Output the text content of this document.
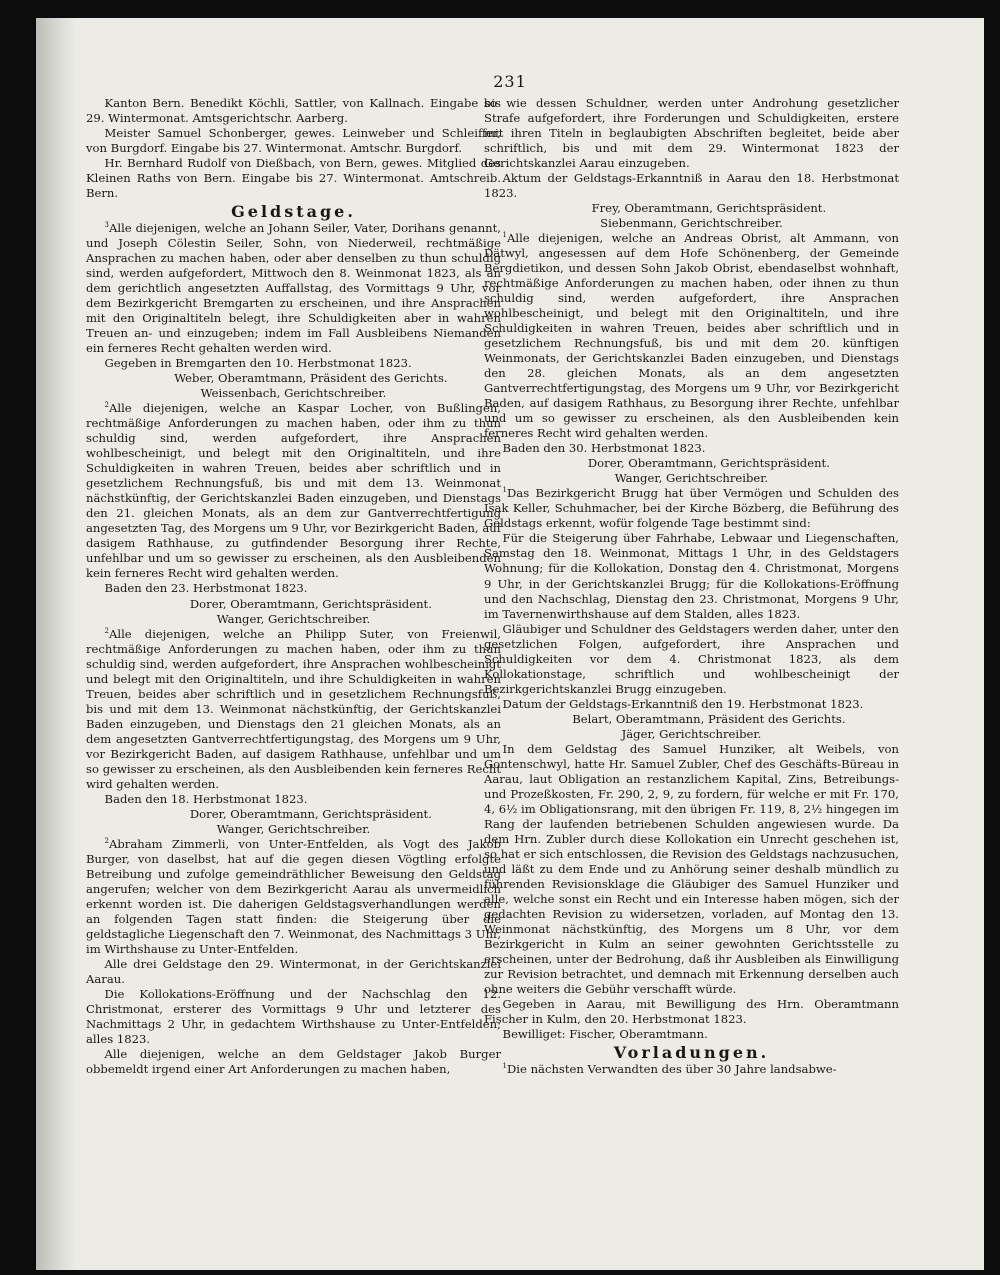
231

Kanton Bern. Benedikt Köchli, Sattler, von Kallnach. Eingabe bis 29. Wintermonat. Amtsgerichtschr. Aarberg.

Meister Samuel Schonberger, gewes. Leinweber und Schleiffer, von Burgdorf. Eingabe bis 27. Wintermonat. Amtschr. Burgdorf.

Hr. Bernhard Rudolf von Dießbach, von Bern, gewes. Mitglied des Kleinen Raths von Bern. Eingabe bis 27. Wintermonat. Amtschreib. Bern.

Geldstage.

$^3$Alle diejenigen, welche an Johann Seiler, Vater, Dorihans genannt, und Joseph Cölestin Seiler, Sohn, von Niederweil, rechtmäßige Ansprachen zu machen haben, oder aber denselben zu thun schuldig sind, werden aufgefordert, Mittwoch den 8. Weinmonat 1823, als an dem gerichtlich angesetzten Auffallstag, des Vormittags 9 Uhr, vor dem Bezirkgericht Bremgarten zu erscheinen, und ihre Ansprachen mit den Originaltiteln belegt, ihre Schuldigkeiten aber in wahren Treuen an- und einzugeben; indem im Fall Ausbleibens Niemanden ein ferneres Recht gehalten werden wird.

Gegeben in Bremgarten den 10. Herbstmonat 1823.

Weber, Oberamtmann, Präsident des Gerichts.

Weissenbach, Gerichtschreiber.

$^2$Alle diejenigen, welche an Kaspar Locher, von Bußlingen, rechtmäßige Anforderungen zu machen haben, oder ihm zu thun schuldig sind, werden aufgefordert, ihre Ansprachen wohlbescheinigt, und belegt mit den Originaltiteln, und ihre Schuldigkeiten in wahren Treuen, beides aber schriftlich und in gesetzlichem Rechnungsfuß, bis und mit dem 13. Weinmonat nächstkünftig, der Gerichtskanzlei Baden einzugeben, und Dienstags den 21. gleichen Monats, als an dem zur Gantverrechtfertigung angesetzten Tag, des Morgens um 9 Uhr, vor Bezirkgericht Baden, auf dasigem Rathhause, zu gutfindender Besorgung ihrer Rechte, unfehlbar und um so gewisser zu erscheinen, als den Ausbleibenden kein ferneres Recht wird gehalten werden.

Baden den 23. Herbstmonat 1823.

Dorer, Oberamtmann, Gerichtspräsident.

Wanger, Gerichtschreiber.

$^2$Alle diejenigen, welche an Philipp Suter, von Freienwil, rechtmäßige Anforderungen zu machen haben, oder ihm zu thun schuldig sind, werden aufgefordert, ihre Ansprachen wohlbescheinigt und belegt mit den Originaltiteln, und ihre Schuldigkeiten in wahren Treuen, beides aber schriftlich und in gesetzlichem Rechnungsfuß, bis und mit dem 13. Weinmonat nächstkünftig, der Gerichtskanzlei Baden einzugeben, und Dienstags den 21 gleichen Monats, als an dem angesetzten Gantverrechtfertigungstag, des Morgens um 9 Uhr, vor Bezirkgericht Baden, auf dasigem Rathhause, unfehlbar und um so gewisser zu erscheinen, als den Ausbleibenden kein ferneres Recht wird gehalten werden.

Baden den 18. Herbstmonat 1823.

Dorer, Oberamtmann, Gerichtspräsident.

Wanger, Gerichtschreiber.

$^2$Abraham Zimmerli, von Unter-Entfelden, als Vogt des Jakob Burger, von daselbst, hat auf die gegen diesen Vögtling erfolgte Betreibung und zufolge gemeindräthlicher Beweisung den Geldstag angerufen; welcher von dem Bezirkgericht Aarau als unvermeidlich erkennt worden ist. Die daherigen Geldstagsverhandlungen werden an folgenden Tagen statt finden: die Steigerung über die geldstagliche Liegenschaft den 7. Weinmonat, des Nachmittags 3 Uhr, im Wirthshause zu Unter-Entfelden.

Alle drei Geldstage den 29. Wintermonat, in der Gerichtskanzlei Aarau.

Die Kollokations-Eröffnung und der Nachschlag den 12. Christmonat, ersterer des Vormittags 9 Uhr und letzterer des Nachmittags 2 Uhr, in gedachtem Wirthshause zu Unter-Entfelden; alles 1823.

Alle diejenigen, welche an dem Geldstager Jakob Burger obbemeldt irgend einer Art Anforderungen zu machen haben,

so wie dessen Schuldner, werden unter Androhung gesetzlicher Strafe aufgefordert, ihre Forderungen und Schuldigkeiten, erstere mit ihren Titeln in beglaubigten Abschriften begleitet, beide aber schriftlich, bis und mit dem 29. Wintermonat 1823 der Gerichtskanzlei Aarau einzugeben.

Aktum der Geldstags-Erkanntniß in Aarau den 18. Herbstmonat 1823.

Frey, Oberamtmann, Gerichtspräsident.

Siebenmann, Gerichtschreiber.

$^1$Alle diejenigen, welche an Andreas Obrist, alt Ammann, von Dätwyl, angesessen auf dem Hofe Schönenberg, der Gemeinde Bergdietikon, und dessen Sohn Jakob Obrist, ebendaselbst wohnhaft, rechtmäßige Anforderungen zu machen haben, oder ihnen zu thun schuldig sind, werden aufgefordert, ihre Ansprachen wohlbescheinigt, und belegt mit den Originaltiteln, und ihre Schuldigkeiten in wahren Treuen, beides aber schriftlich und in gesetzlichem Rechnungsfuß, bis und mit dem 20. künftigen Weinmonats, der Gerichtskanzlei Baden einzugeben, und Dienstags den 28. gleichen Monats, als an dem angesetzten Gantverrechtfertigungstag, des Morgens um 9 Uhr, vor Bezirkgericht Baden, auf dasigem Rathhaus, zu Besorgung ihrer Rechte, unfehlbar und um so gewisser zu erscheinen, als den Ausbleibenden kein ferneres Recht wird gehalten werden.

Baden den 30. Herbstmonat 1823.

Dorer, Oberamtmann, Gerichtspräsident.

Wanger, Gerichtschreiber.

$^1$Das Bezirkgericht Brugg hat über Vermögen und Schulden des Isak Keller, Schuhmacher, bei der Kirche Bözberg, die Beführung des Geldstags erkennt, wofür folgende Tage bestimmt sind:

Für die Steigerung über Fahrhabe, Lebwaar und Liegenschaften, Samstag den 18. Weinmonat, Mittags 1 Uhr, in des Geldstagers Wohnung; für die Kollokation, Donstag den 4. Christmonat, Morgens 9 Uhr, in der Gerichtskanzlei Brugg; für die Kollokations-Eröffnung und den Nachschlag, Dienstag den 23. Christmonat, Morgens 9 Uhr, im Tavernenwirthshause auf dem Stalden, alles 1823.

Gläubiger und Schuldner des Geldstagers werden daher, unter den gesetzlichen Folgen, aufgefordert, ihre Ansprachen und Schuldigkeiten vor dem 4. Christmonat 1823, als dem Kollokationstage, schriftlich und wohlbescheinigt der Bezirkgerichtskanzlei Brugg einzugeben.

Datum der Geldstags-Erkanntniß den 19. Herbstmonat 1823.

Belart, Oberamtmann, Präsident des Gerichts.

Jäger, Gerichtschreiber.

In dem Geldstag des Samuel Hunziker, alt Weibels, von Gontenschwyl, hatte Hr. Samuel Zubler, Chef des Geschäfts-Büreau in Aarau, laut Obligation an restanzlichem Kapital, Zins, Betreibungs- und Prozeßkosten, Fr. 290, 2, 9, zu fordern, für welche er mit Fr. 170, 4, 6½ im Obligationsrang, mit den übrigen Fr. 119, 8, 2½ hingegen im Rang der laufenden betriebenen Schulden angewiesen wurde. Da dem Hrn. Zubler durch diese Kollokation ein Unrecht geschehen ist, so hat er sich entschlossen, die Revision des Geldstags nachzusuchen, und läßt zu dem Ende und zu Anhörung seiner deshalb mündlich zu führenden Revisionsklage die Gläubiger des Samuel Hunziker und alle, welche sonst ein Recht und ein Interesse haben mögen, sich der gedachten Revision zu widersetzen, vorladen, auf Montag den 13. Weinmonat nächstkünftig, des Morgens um 8 Uhr, vor dem Bezirkgericht in Kulm an seiner gewohnten Gerichtsstelle zu erscheinen, unter der Bedrohung, daß ihr Ausbleiben als Einwilligung zur Revision betrachtet, und demnach mit Erkennung derselben auch ohne weiters die Gebühr verschafft würde.

Gegeben in Aarau, mit Bewilligung des Hrn. Oberamtmann Fischer in Kulm, den 20. Herbstmonat 1823.

Bewilliget: Fischer, Oberamtmann.

Vorladungen.

$^1$Die nächsten Verwandten des über 30 Jahre landsabwe-
